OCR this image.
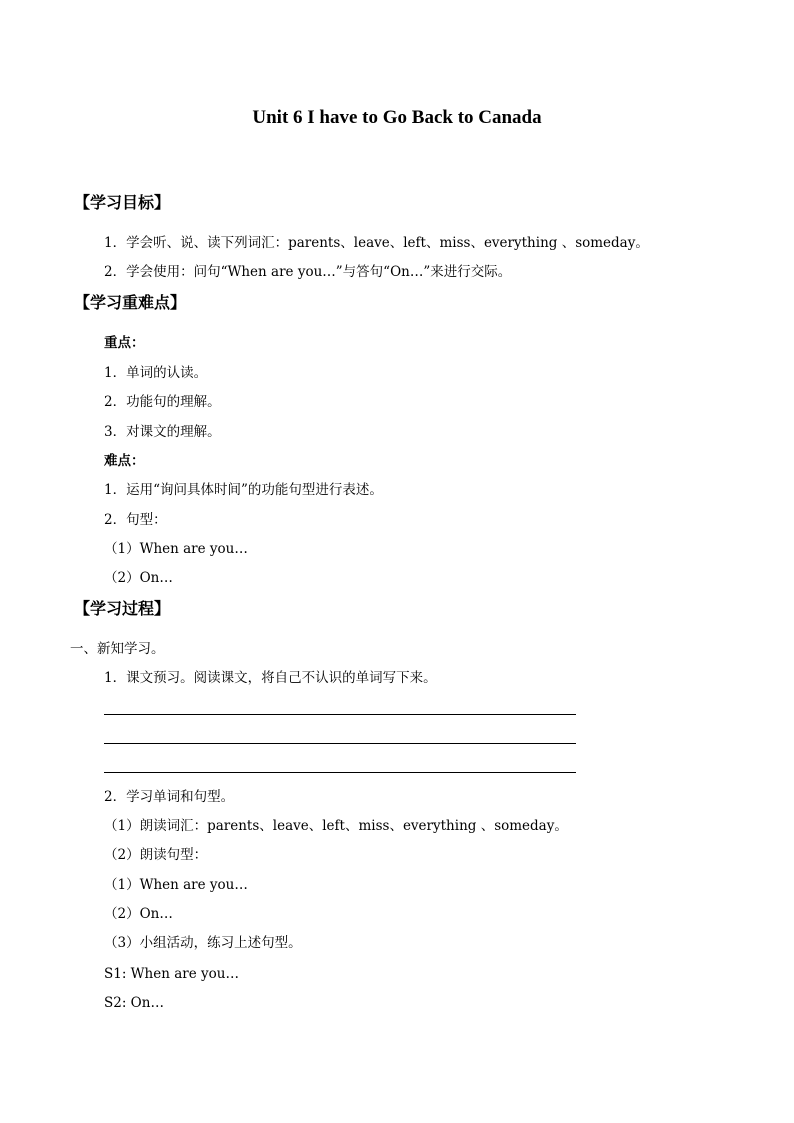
Unit 6 I have to Go Back to Canada
【学习目标】
1．学会听、说、读下列词汇：parents、leave、left、miss、everything 、someday。
2．学会使用：问句“When are you…”与答句“On…”来进行交际。
【学习重难点】
重点：
1．单词的认读。
2．功能句的理解。
3．对课文的理解。
难点：
1．运用“询问具体时间”的功能句型进行表述。
2．句型：
（1）When are you…
（2）On…
【学习过程】
一、新知学习。
1．课文预习。阅读课文，将自己不认识的单词写下来。
2．学习单词和句型。
（1）朗读词汇：parents、leave、left、miss、everything 、someday。
（2）朗读句型：
（1）When are you…
（2）On…
（3）小组活动，练习上述句型。
S1: When are you…
S2: On…
